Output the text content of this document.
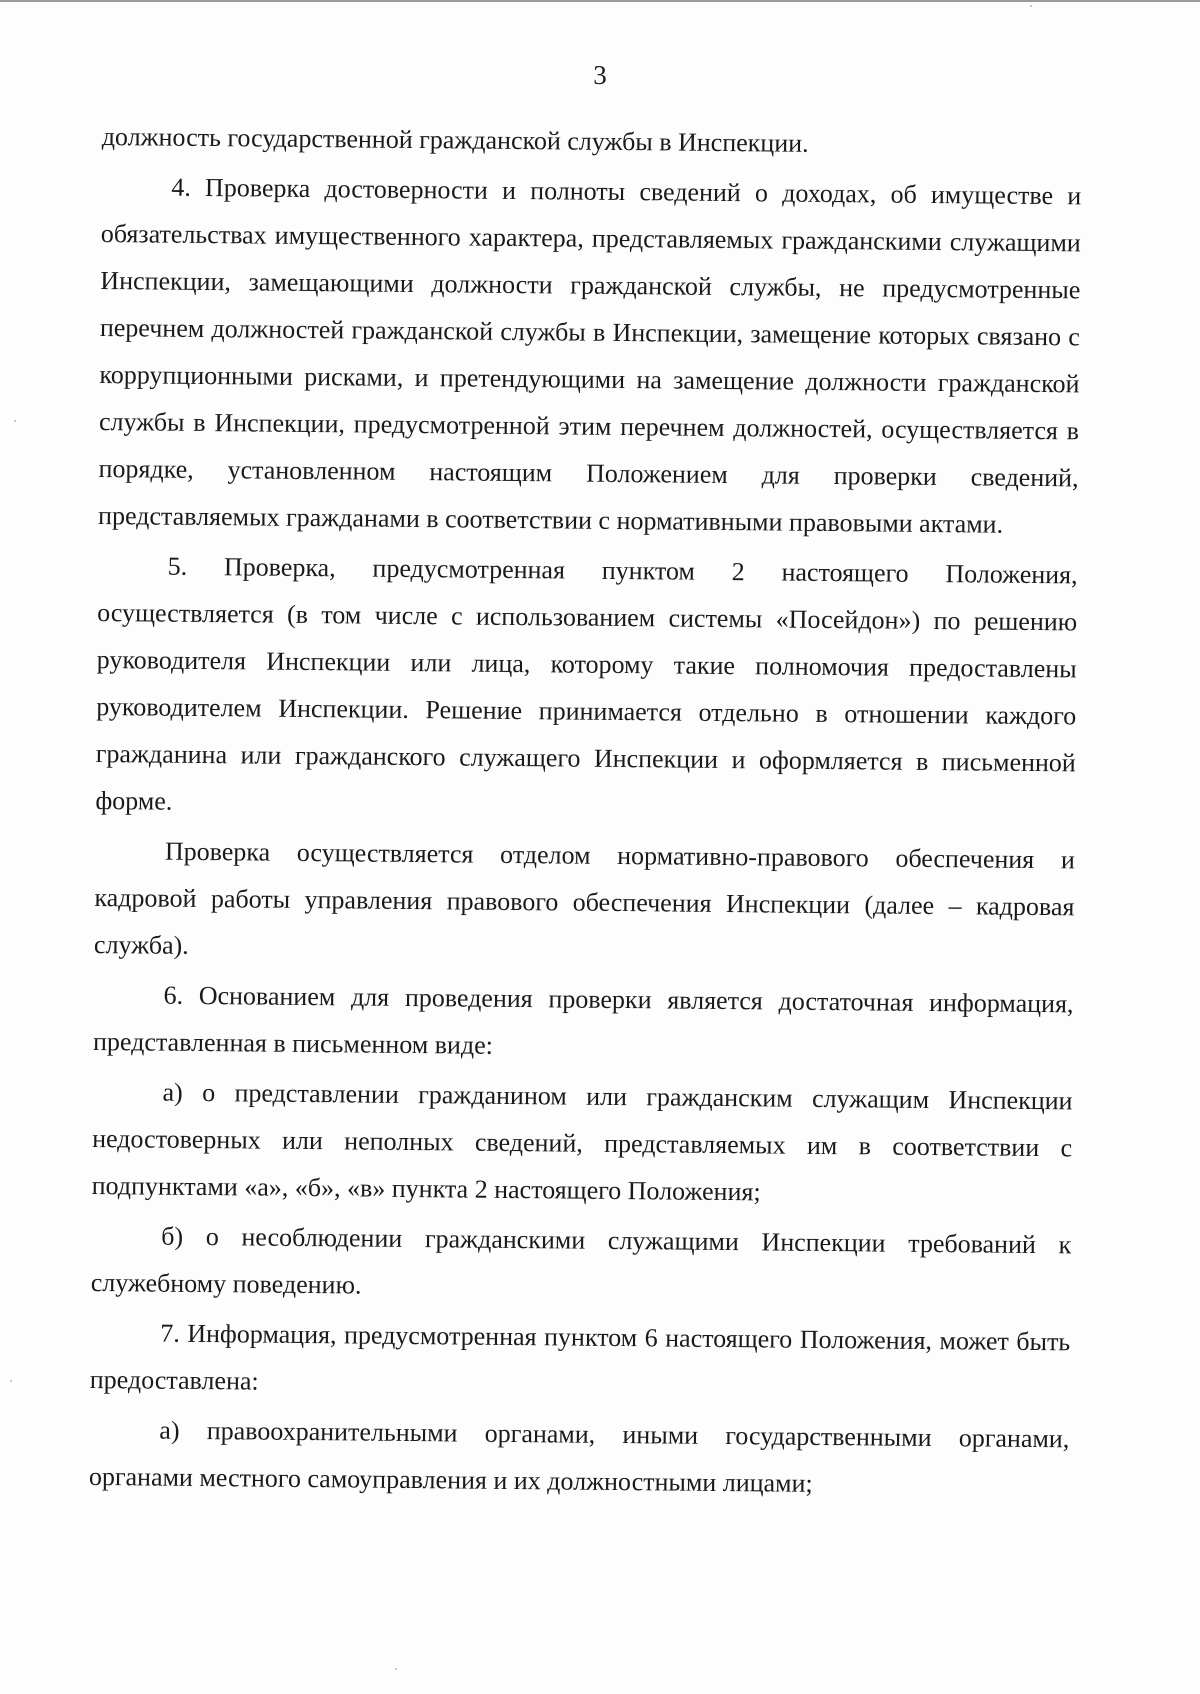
3

должность государственной гражданской службы в Инспекции.

4. Проверка достоверности и полноты сведений о доходах, об имуществе и обязательствах имущественного характера, представляемых гражданскими служащими Инспекции, замещающими должности гражданской службы, не предусмотренные перечнем должностей гражданской службы в Инспекции, замещение которых связано с коррупционными рисками, и претендующими на замещение должности гражданской службы в Инспекции, предусмотренной этим перечнем должностей, осуществляется в порядке, установленном настоящим Положением для проверки сведений, представляемых гражданами в соответствии с нормативными правовыми актами.

5. Проверка, предусмотренная пунктом 2 настоящего Положения, осуществляется (в том числе с использованием системы «Посейдон») по решению руководителя Инспекции или лица, которому такие полномочия предоставлены руководителем Инспекции. Решение принимается отдельно в отношении каждого гражданина или гражданского служащего Инспекции и оформляется в письменной форме.

Проверка осуществляется отделом нормативно-правового обеспечения и кадровой работы управления правового обеспечения Инспекции (далее – кадровая служба).

6. Основанием для проведения проверки является достаточная информация, представленная в письменном виде:

а) о представлении гражданином или гражданским служащим Инспекции недостоверных или неполных сведений, представляемых им в соответствии с подпунктами «а», «б», «в» пункта 2 настоящего Положения;

б) о несоблюдении гражданскими служащими Инспекции требований к служебному поведению.

7. Информация, предусмотренная пунктом 6 настоящего Положения, может быть предоставлена:

а) правоохранительными органами, иными государственными органами, органами местного самоуправления и их должностными лицами;
